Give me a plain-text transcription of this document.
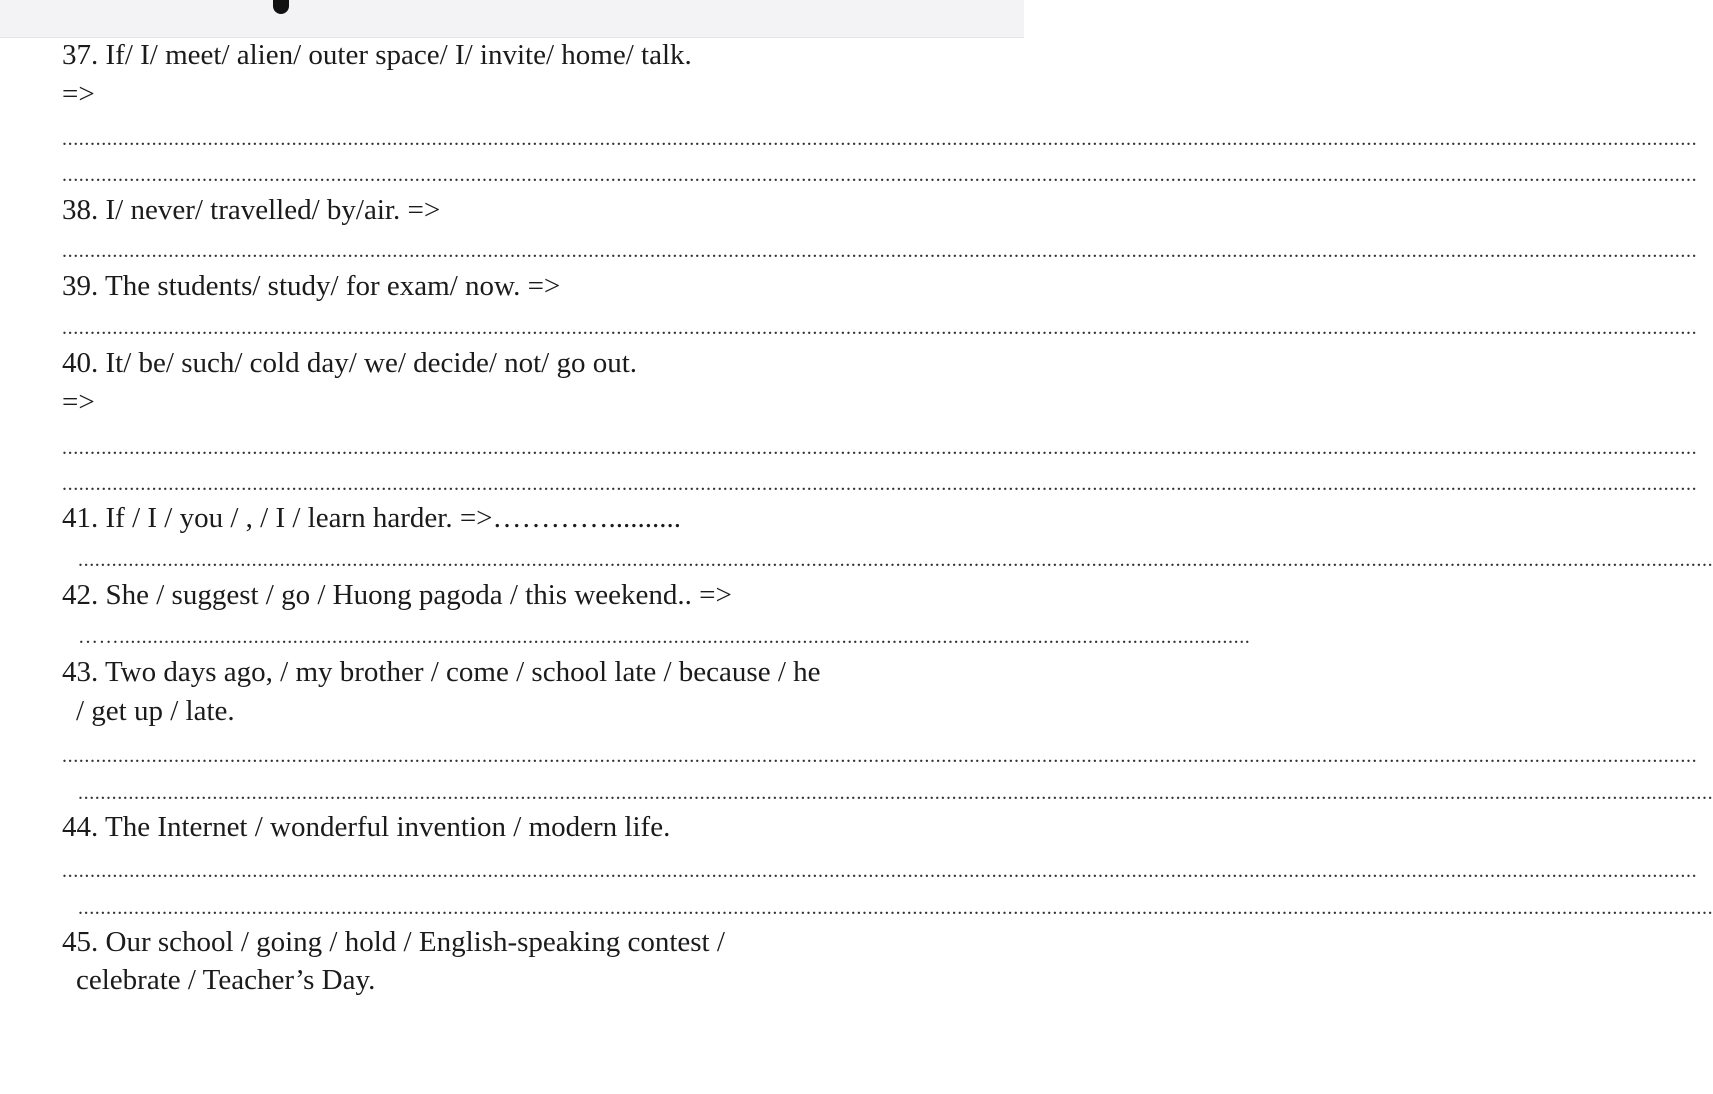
37. If/ I/ meet/ alien/ outer space/ I/ invite/ home/ talk.
=>
....................................................................................................................................................................................................................................................................................................
....................................................................................................................................................................................................................................................................................................
38. I/ never/ travelled/ by/air. =>
....................................................................................................................................................................................................................................................................................................
39. The students/ study/ for exam/ now. =>
....................................................................................................................................................................................................................................................................................................
40. It/ be/ such/ cold day/ we/ decide/ not/ go out.
=>
....................................................................................................................................................................................................................................................................................................
....................................................................................................................................................................................................................................................................................................
41. If / I / you / , / I / learn harder. =>…………..........
....................................................................................................................................................................................................................................................................................................
42. She / suggest / go / Huong pagoda / this weekend.. =>
……..........................................................................................................................................................................................................
43. Two days ago, / my brother / come / school late / because / he
/ get up / late.
....................................................................................................................................................................................................................................................................................................
....................................................................................................................................................................................................................................................................................................
44. The Internet / wonderful invention / modern life.
....................................................................................................................................................................................................................................................................................................
....................................................................................................................................................................................................................................................................................................
45. Our school / going / hold / English-speaking contest /
celebrate / Teacher’s Day.
